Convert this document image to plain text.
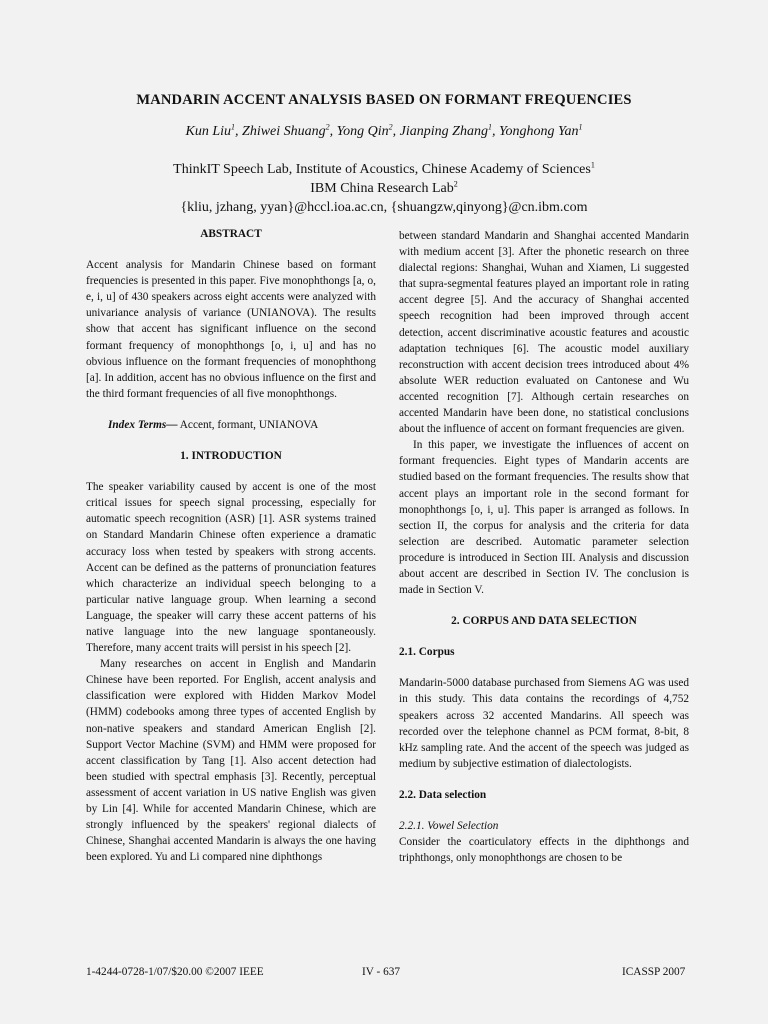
MANDARIN ACCENT ANALYSIS BASED ON FORMANT FREQUENCIES
Kun Liu$^1$, Zhiwei Shuang$^2$, Yong Qin$^2$, Jianping Zhang$^1$, Yonghong Yan$^1$
ThinkIT Speech Lab, Institute of Acoustics, Chinese Academy of Sciences$^1$
IBM China Research Lab$^2$
{kliu, jzhang, yyan}@hccl.ioa.ac.cn, {shuangzw,qinyong}@cn.ibm.com

ABSTRACT

Accent analysis for Mandarin Chinese based on formant frequencies is presented in this paper. Five monophthongs [a, o, e, i, u] of 430 speakers across eight accents were analyzed with univariance analysis of variance (UNIANOVA). The results show that accent has significant influence on the second formant frequency of monophthongs [o, i, u] and has no obvious influence on the formant frequencies of monophthong [a]. In addition, accent has no obvious influence on the first and the third formant frequencies of all five monophthongs.

Index Terms— Accent, formant, UNIANOVA

1. INTRODUCTION

The speaker variability caused by accent is one of the most critical issues for speech signal processing, especially for automatic speech recognition (ASR) [1]. ASR systems trained on Standard Mandarin Chinese often experience a dramatic accuracy loss when tested by speakers with strong accents. Accent can be defined as the patterns of pronunciation features which characterize an individual speech belonging to a particular native language group. When learning a second Language, the speaker will carry these accent patterns of his native language into the new language spontaneously. Therefore, many accent traits will persist in his speech [2].

Many researches on accent in English and Mandarin Chinese have been reported. For English, accent analysis and classification were explored with Hidden Markov Model (HMM) codebooks among three types of accented English by non-native speakers and standard American English [2]. Support Vector Machine (SVM) and HMM were proposed for accent classification by Tang [1]. Also accent detection had been studied with spectral emphasis [3]. Recently, perceptual assessment of accent variation in US native English was given by Lin [4]. While for accented Mandarin Chinese, which are strongly influenced by the speakers' regional dialects of Chinese, Shanghai accented Mandarin is always the one having been explored. Yu and Li compared nine diphthongs

between standard Mandarin and Shanghai accented Mandarin with medium accent [3]. After the phonetic research on three dialectal regions: Shanghai, Wuhan and Xiamen, Li suggested that supra-segmental features played an important role in rating accent degree [5]. And the accuracy of Shanghai accented speech recognition had been improved through accent detection, accent discriminative acoustic features and acoustic adaptation techniques [6]. The acoustic model auxiliary reconstruction with accent decision trees introduced about 4% absolute WER reduction evaluated on Cantonese and Wu accented recognition [7]. Although certain researches on accented Mandarin have been done, no statistical conclusions about the influence of accent on formant frequencies are given.

In this paper, we investigate the influences of accent on formant frequencies. Eight types of Mandarin accents are studied based on the formant frequencies. The results show that accent plays an important role in the second formant for monophthongs [o, i, u]. This paper is arranged as follows. In section II, the corpus for analysis and the criteria for data selection are described. Automatic parameter selection procedure is introduced in Section III. Analysis and discussion about accent are described in Section IV. The conclusion is made in Section V.

2. CORPUS AND DATA SELECTION

2.1. Corpus

Mandarin-5000 database purchased from Siemens AG was used in this study. This data contains the recordings of 4,752 speakers across 32 accented Mandarins. All speech was recorded over the telephone channel as PCM format, 8-bit, 8 kHz sampling rate. And the accent of the speech was judged as medium by subjective estimation of dialectologists.

2.2. Data selection

2.2.1. Vowel Selection

Consider the coarticulatory effects in the diphthongs and triphthongs, only monophthongs are chosen to be

1-4244-0728-1/07/$20.00 ©2007 IEEE	IV - 637	ICASSP 2007
